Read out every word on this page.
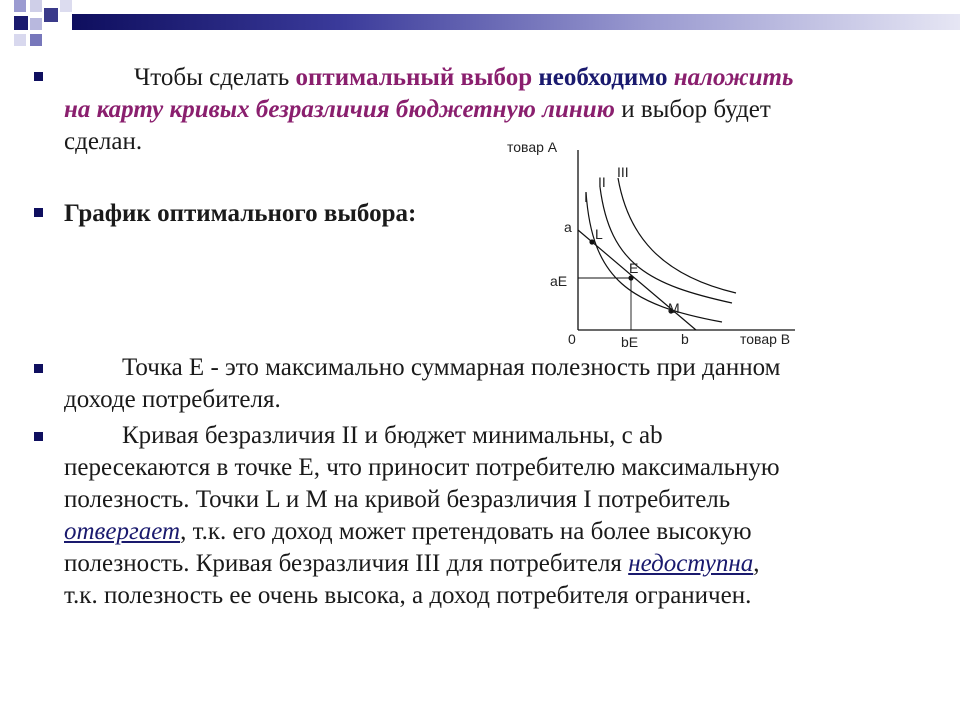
Чтобы сделать оптимальный выбор необходимо наложить
на карту кривых безразличия бюджетную линию и выбор будет
сделан.
График оптимального выбора:
товар А
товар В
0
I
II
III
a
aE
bE	b
L
E
M
Точка Е - это максимально суммарная полезность при данном
доходе потребителя.
Кривая безразличия II и бюджет минимальны, с ab
пересекаются в точке Е, что приносит потребителю максимальную
полезность. Точки L и М на кривой безразличия I потребитель
отвергает, т.к. его доход может претендовать на более высокую
полезность. Кривая безразличия III для потребителя недоступна,
т.к. полезность ее очень высока, а доход потребителя ограничен.
